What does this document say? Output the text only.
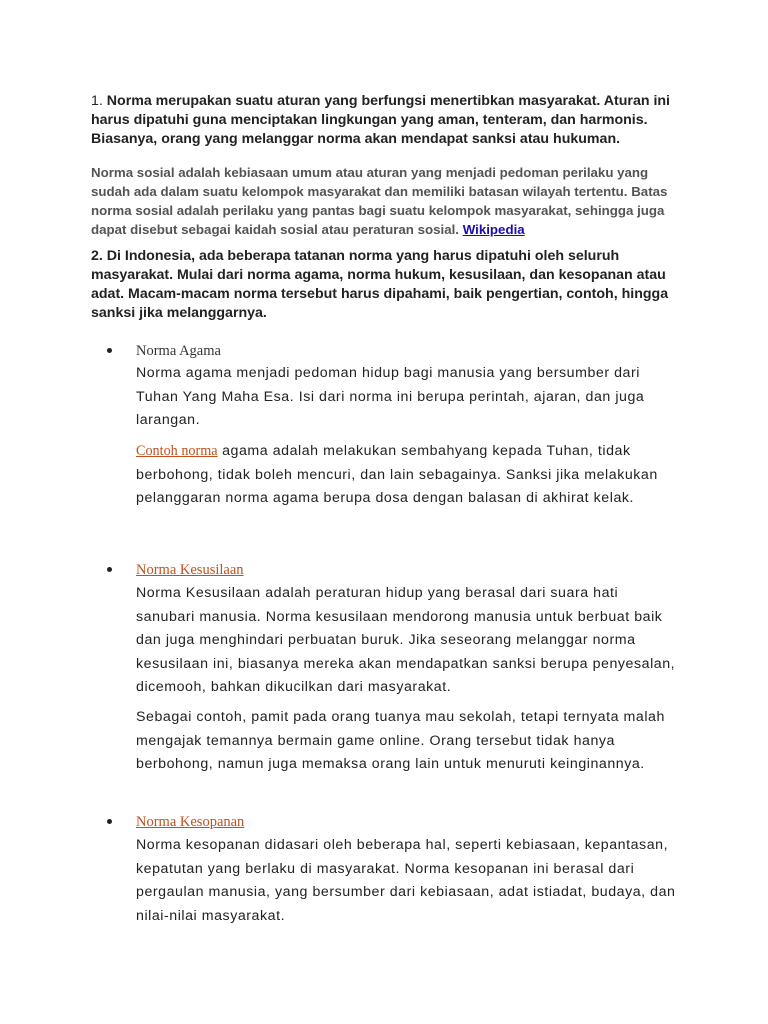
1. Norma merupakan suatu aturan yang berfungsi menertibkan masyarakat. Aturan ini harus dipatuhi guna menciptakan lingkungan yang aman, tenteram, dan harmonis. Biasanya, orang yang melanggar norma akan mendapat sanksi atau hukuman.

Norma sosial adalah kebiasaan umum atau aturan yang menjadi pedoman perilaku yang sudah ada dalam suatu kelompok masyarakat dan memiliki batasan wilayah tertentu. Batas norma sosial adalah perilaku yang pantas bagi suatu kelompok masyarakat, sehingga juga dapat disebut sebagai kaidah sosial atau peraturan sosial. Wikipedia

2. Di Indonesia, ada beberapa tatanan norma yang harus dipatuhi oleh seluruh masyarakat. Mulai dari norma agama, norma hukum, kesusilaan, dan kesopanan atau adat. Macam-macam norma tersebut harus dipahami, baik pengertian, contoh, hingga sanksi jika melanggarnya.

Norma Agama

Norma agama menjadi pedoman hidup bagi manusia yang bersumber dari Tuhan Yang Maha Esa. Isi dari norma ini berupa perintah, ajaran, dan juga larangan.

Contoh norma agama adalah melakukan sembahyang kepada Tuhan, tidak berbohong, tidak boleh mencuri, dan lain sebagainya. Sanksi jika melakukan pelanggaran norma agama berupa dosa dengan balasan di akhirat kelak.

Norma Kesusilaan

Norma Kesusilaan adalah peraturan hidup yang berasal dari suara hati sanubari manusia. Norma kesusilaan mendorong manusia untuk berbuat baik dan juga menghindari perbuatan buruk. Jika seseorang melanggar norma kesusilaan ini, biasanya mereka akan mendapatkan sanksi berupa penyesalan, dicemooh, bahkan dikucilkan dari masyarakat.

Sebagai contoh, pamit pada orang tuanya mau sekolah, tetapi ternyata malah mengajak temannya bermain game online. Orang tersebut tidak hanya berbohong, namun juga memaksa orang lain untuk menuruti keinginannya.

Norma Kesopanan

Norma kesopanan didasari oleh beberapa hal, seperti kebiasaan, kepantasan, kepatutan yang berlaku di masyarakat. Norma kesopanan ini berasal dari pergaulan manusia, yang bersumber dari kebiasaan, adat istiadat, budaya, dan nilai-nilai masyarakat.
